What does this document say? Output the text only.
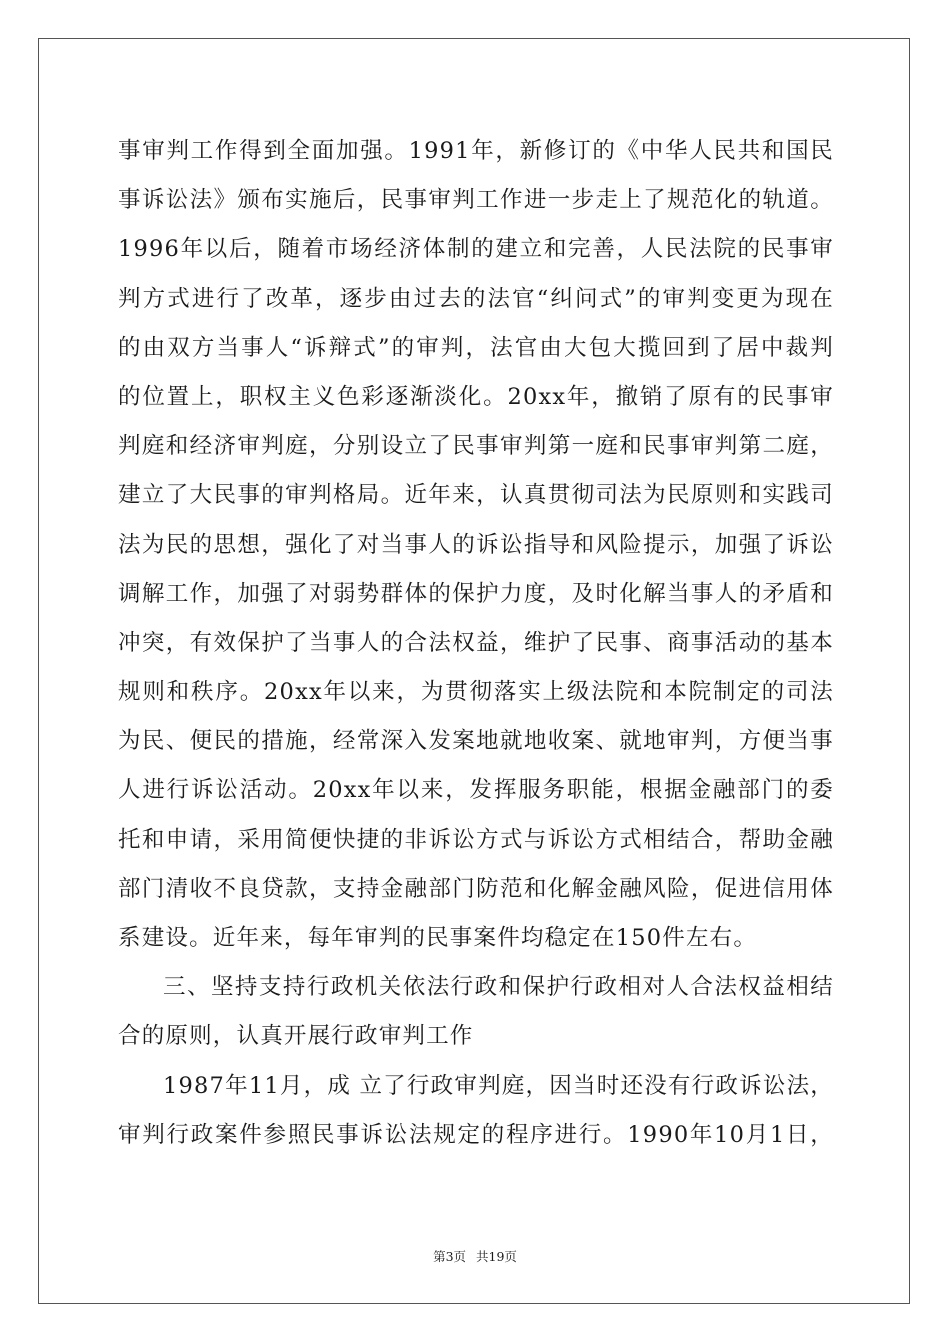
事审判工作得到全面加强。1991年，新修订的《中华人民共和国民
事诉讼法》颁布实施后，民事审判工作进一步走上了规范化的轨道。
1996年以后，随着市场经济体制的建立和完善，人民法院的民事审
判方式进行了改革，逐步由过去的法官“纠问式”的审判变更为现在
的由双方当事人“诉辩式”的审判，法官由大包大揽回到了居中裁判
的位置上，职权主义色彩逐渐淡化。20xx年，撤销了原有的民事审
判庭和经济审判庭，分别设立了民事审判第一庭和民事审判第二庭，
建立了大民事的审判格局。近年来，认真贯彻司法为民原则和实践司
法为民的思想，强化了对当事人的诉讼指导和风险提示，加强了诉讼
调解工作，加强了对弱势群体的保护力度，及时化解当事人的矛盾和
冲突，有效保护了当事人的合法权益，维护了民事、商事活动的基本
规则和秩序。20xx年以来，为贯彻落实上级法院和本院制定的司法
为民、便民的措施，经常深入发案地就地收案、就地审判，方便当事
人进行诉讼活动。20xx年以来，发挥服务职能，根据金融部门的委
托和申请，采用简便快捷的非诉讼方式与诉讼方式相结合，帮助金融
部门清收不良贷款，支持金融部门防范和化解金融风险，促进信用体
系建设。近年来，每年审判的民事案件均稳定在150件左右。
三、坚持支持行政机关依法行政和保护行政相对人合法权益相结
合的原则，认真开展行政审判工作
1987年11月，成 立了行政审判庭，因当时还没有行政诉讼法，
审判行政案件参照民事诉讼法规定的程序进行。1990年10月1日，
第3页 共19页
